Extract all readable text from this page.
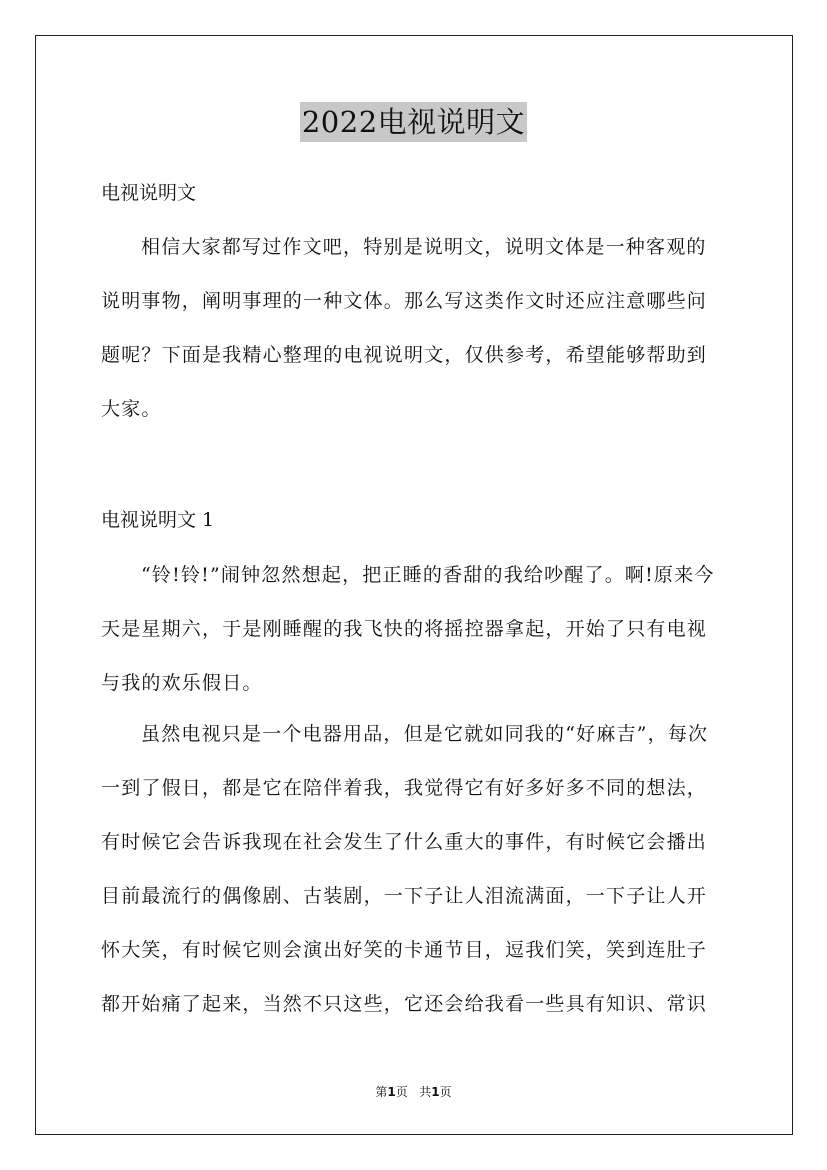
2022电视说明文

电视说明文

相信大家都写过作文吧，特别是说明文，说明文体是一种客观的说明事物，阐明事理的一种文体。那么写这类作文时还应注意哪些问题呢？下面是我精心整理的电视说明文，仅供参考，希望能够帮助到大家。

电视说明文 1

“铃!铃!”闹钟忽然想起，把正睡的香甜的我给吵醒了。啊!原来今天是星期六，于是刚睡醒的我飞快的将摇控器拿起，开始了只有电视与我的欢乐假日。

虽然电视只是一个电器用品，但是它就如同我的“好麻吉”，每次一到了假日，都是它在陪伴着我，我觉得它有好多好多不同的想法，有时候它会告诉我现在社会发生了什么重大的事件，有时候它会播出目前最流行的偶像剧、古装剧，一下子让人泪流满面，一下子让人开怀大笑，有时候它则会演出好笑的卡通节目，逗我们笑，笑到连肚子都开始痛了起来，当然不只这些，它还会给我看一些具有知识、常识

第1页   共1页
